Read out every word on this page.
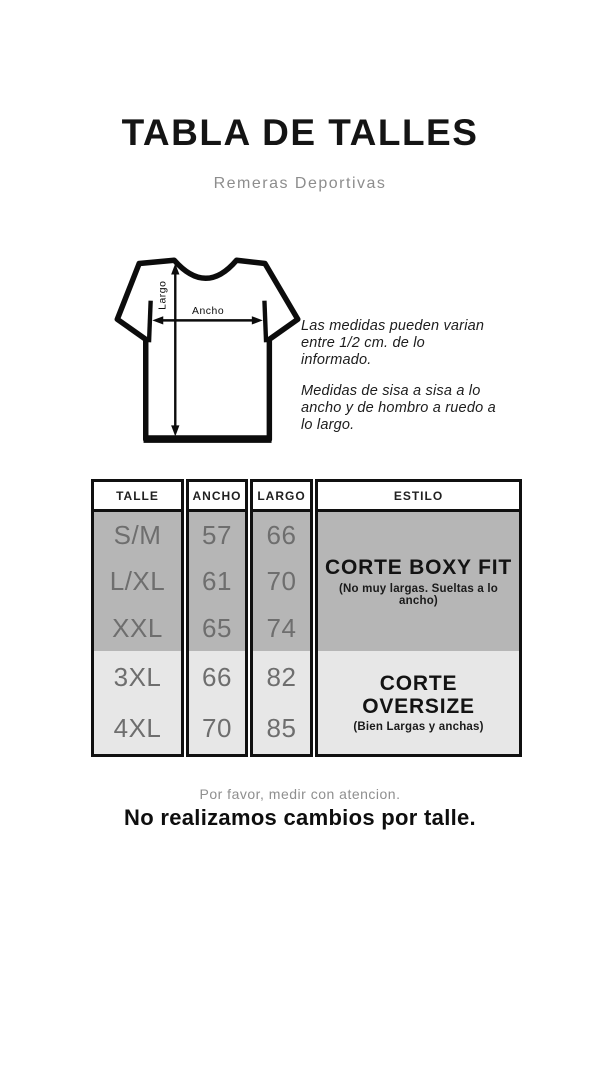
TABLA DE TALLES
Remeras Deportivas
Largo
Ancho

Las medidas pueden varian entre 1/2 cm. de lo informado.

Medidas de sisa a sisa a lo ancho y de hombro a ruedo a lo largo.

TALLE
S/M
L/XL
XXL
3XL
4XL
ANCHO
57
61
65
66
70
LARGO
66
70
74
82
85
ESTILO
CORTE BOXY FIT
(No muy largas. Sueltas a lo ancho)
CORTE OVERSIZE
(Bien Largas y anchas)
Por favor, medir con atencion.
No realizamos cambios por talle.
